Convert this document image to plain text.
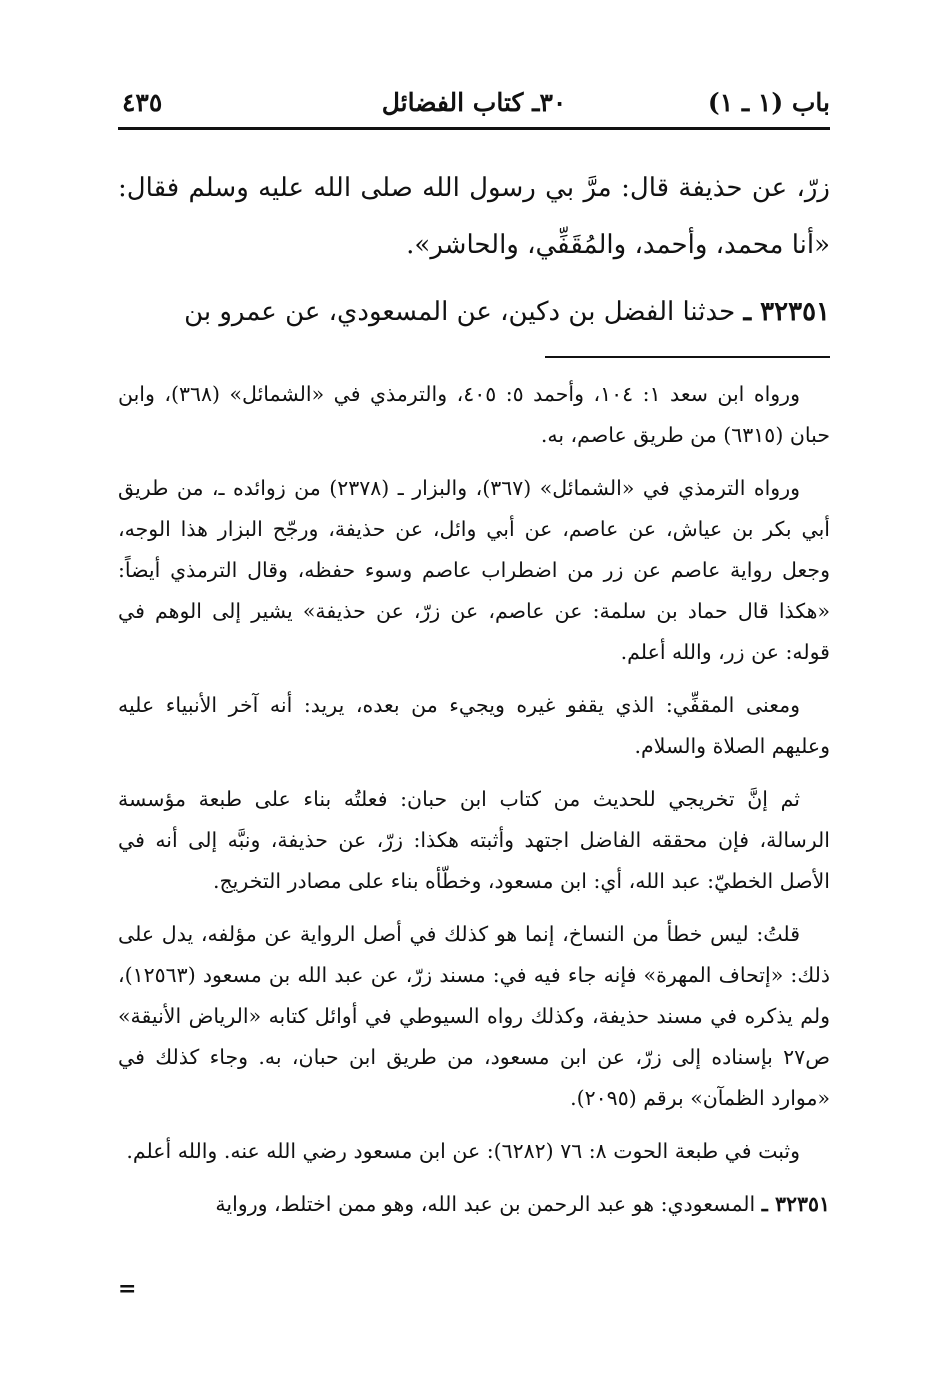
باب (١ ـ ١)
٣٠ـ كتاب الفضائل
٤٣٥

زرّ، عن حذيفة قال: مرَّ بي رسول الله صلى الله عليه وسلم فقال: «أنا محمد، وأحمد، والمُقَفِّي، والحاشر».

٣٢٣٥١ ـ حدثنا الفضل بن دكين، عن المسعودي، عن عمرو بن

ورواه ابن سعد ١: ١٠٤، وأحمد ٥: ٤٠٥، والترمذي في «الشمائل» (٣٦٨)، وابن حبان (٦٣١٥) من طريق عاصم، به.

ورواه الترمذي في «الشمائل» (٣٦٧)، والبزار ـ (٢٣٧٨) من زوائده ـ، من طريق أبي بكر بن عياش، عن عاصم، عن أبي وائل، عن حذيفة، ورجّح البزار هذا الوجه، وجعل رواية عاصم عن زر من اضطراب عاصم وسوء حفظه، وقال الترمذي أيضاً: «هكذا قال حماد بن سلمة: عن عاصم، عن زرّ، عن حذيفة» يشير إلى الوهم في قوله: عن زر، والله أعلم.

ومعنى المقفِّي: الذي يقفو غيره ويجيء من بعده، يريد: أنه آخر الأنبياء عليه وعليهم الصلاة والسلام.

ثم إنَّ تخريجي للحديث من كتاب ابن حبان: فعلتُه بناء على طبعة مؤسسة الرسالة، فإن محققه الفاضل اجتهد وأثبته هكذا: زرّ، عن حذيفة، ونبَّه إلى أنه في الأصل الخطيّ: عبد الله، أي: ابن مسعود، وخطّأه بناء على مصادر التخريج.

قلتُ: ليس خطأ من النساخ، إنما هو كذلك في أصل الرواية عن مؤلفه، يدل على ذلك: «إتحاف المهرة» فإنه جاء فيه في: مسند زرّ، عن عبد الله بن مسعود (١٢٥٦٣)، ولم يذكره في مسند حذيفة، وكذلك رواه السيوطي في أوائل كتابه «الرياض الأنيقة» ص٢٧ بإسناده إلى زرّ، عن ابن مسعود، من طريق ابن حبان، به. وجاء كذلك في «موارد الظمآن» برقم (٢٠٩٥).

وثبت في طبعة الحوت ٨: ٧٦ (٦٢٨٢): عن ابن مسعود رضي الله عنه. والله أعلم.

٣٢٣٥١ ـ المسعودي: هو عبد الرحمن بن عبد الله، وهو ممن اختلط، ورواية

=
